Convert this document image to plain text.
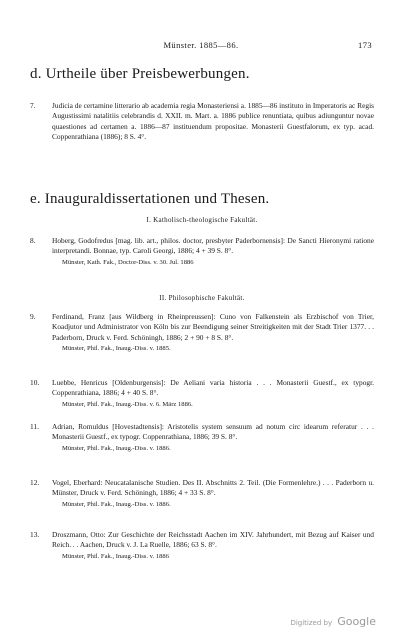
Münster. 1885—86.	173
d. Urtheile über Preisbewerbungen.
7. Judicia de certamine litterario ab academia regia Monasteriensi a. 1885—86 instituto in Imperatoris ac Regis Augustissimi natalitiis celebrandis d. XXII. m. Mart. a. 1886 publice renuntiata, quibus adiunguntur novae quaestiones ad certamen a. 1886—87 instituendum propositae. Monasterii Guestfalorum, ex typ. acad. Coppenrathiana (1886); 8 S. 4°.
e. Inauguraldissertationen und Thesen.
I. Katholisch-theologische Fakultät.
8. Hoberg, Godofredus [mag. lib. art., philos. doctor, presbyter Paderbornensis]: De Sancti Hieronymi ratione interpretandi. Bonnae, typ. Caroli Georgi, 1886; 4 + 39 S. 8°.
Münster, Kath. Fak., Doctor-Diss. v. 30. Jul. 1886
II. Philosophische Fakultät.
9. Ferdinand, Franz [aus Wildberg in Rheinpreussen]: Cuno von Falkenstein als Erzbischof von Trier, Koadjutor und Administrator von Köln bis zur Beendigung seiner Streitigkeiten mit der Stadt Trier 1377. . . Paderborn, Druck v. Ferd. Schöningh, 1886; 2 + 90 + 8 S. 8°.
Münster, Phil. Fak., Inaug.-Diss. v. 1885.
10. Luebbe, Henricus [Oldenburgensis]: De Aeliani varia historia . . . Monasterii Guestf., ex typogr. Coppenrathiana, 1886; 4 + 40 S. 8°.
Münster, Phil. Fak., Inaug.-Diss. v. 6. März 1886.
11. Adrian, Romuldus [Hovestadtensis]: Aristotelis system sensuum ad notum circ idearum referatur . . . Monasterii Guestf., ex typogr. Coppenrathiana, 1886; 39 S. 8°.
Münster, Phil. Fak., Inaug.-Diss. v. 1886.
12. Vogel, Eberhard: Neucatalanische Studien. Des II. Abschnitts 2. Teil. (Die Formenlehre.) . . . Paderborn u. Münster, Druck v. Ferd. Schöningh, 1886; 4 + 33 S. 8°.
Münster, Phil. Fak., Inaug.-Diss. v. 1886.
13. Droszmann, Otto: Zur Geschichte der Reichsstadt Aachen im XIV. Jahrhundert, mit Bezug auf Kaiser und Reich. . . Aachen, Druck v. J. La Ruelle, 1886; 63 S. 8°.
Münster, Phil. Fak., Inaug.-Diss. v. 1886
Digitized by Google
